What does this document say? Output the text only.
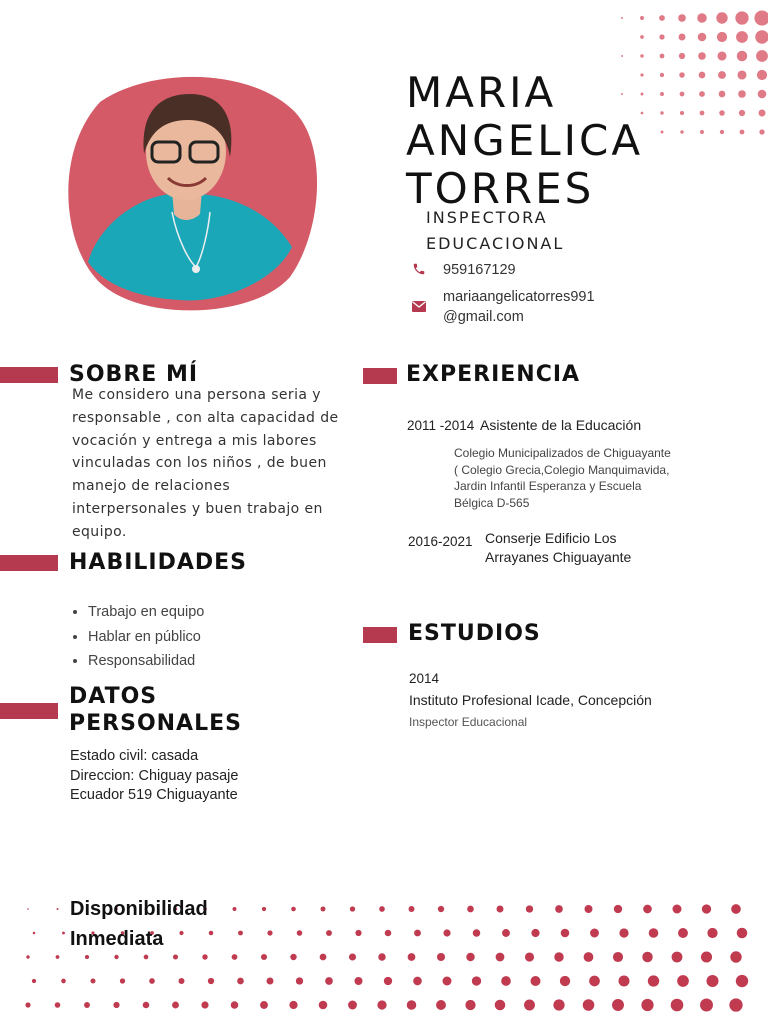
MARIA
ANGELICA
TORRES
INSPECTORA
EDUCACIONAL
959167129
mariaangelicatorres991
@gmail.com
SOBRE MÍ
Me considero una persona seria y responsable , con alta capacidad de vocación y entrega a mis labores vinculadas con los niños , de buen manejo de relaciones interpersonales y buen trabajo en equipo.
HABILIDADES
• Trabajo en equipo
• Hablar en público
• Responsabilidad
DATOS
PERSONALES
Estado civil: casada
Direccion: Chiguay pasaje
Ecuador 519 Chiguayante
EXPERIENCIA
2011 -2014 Asistente de la Educación
Colegio Municipalizados de Chiguayante
( Colegio Grecia,Colegio Manquimavida,
Jardin Infantil Esperanza y Escuela
Bélgica D-565
2016-2021 Conserje Edificio Los
Arrayanes Chiguayante
ESTUDIOS
2014
Instituto Profesional Icade, Concepción
Inspector Educacional
Disponibilidad
Inmediata
